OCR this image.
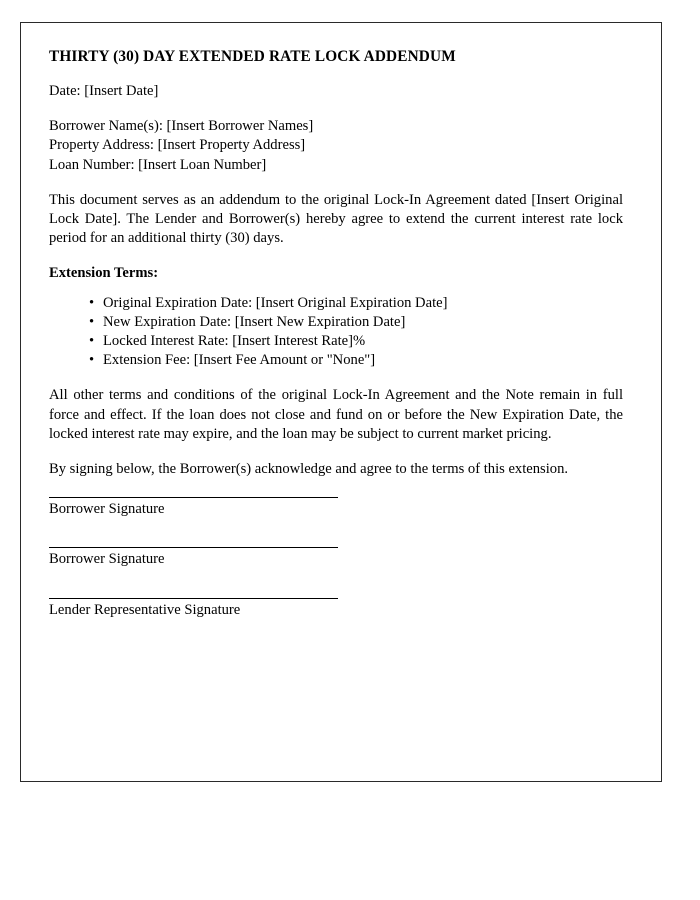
THIRTY (30) DAY EXTENDED RATE LOCK ADDENDUM

Date: [Insert Date]

Borrower Name(s): [Insert Borrower Names]
Property Address: [Insert Property Address]
Loan Number: [Insert Loan Number]

This document serves as an addendum to the original Lock-In Agreement dated [Insert Original Lock Date]. The Lender and Borrower(s) hereby agree to extend the current interest rate lock period for an additional thirty (30) days.

Extension Terms:

• Original Expiration Date: [Insert Original Expiration Date]
• New Expiration Date: [Insert New Expiration Date]
• Locked Interest Rate: [Insert Interest Rate]%
• Extension Fee: [Insert Fee Amount or "None"]

All other terms and conditions of the original Lock-In Agreement and the Note remain in full force and effect. If the loan does not close and fund on or before the New Expiration Date, the locked interest rate may expire, and the loan may be subject to current market pricing.

By signing below, the Borrower(s) acknowledge and agree to the terms of this extension.

Borrower Signature

Borrower Signature

Lender Representative Signature
